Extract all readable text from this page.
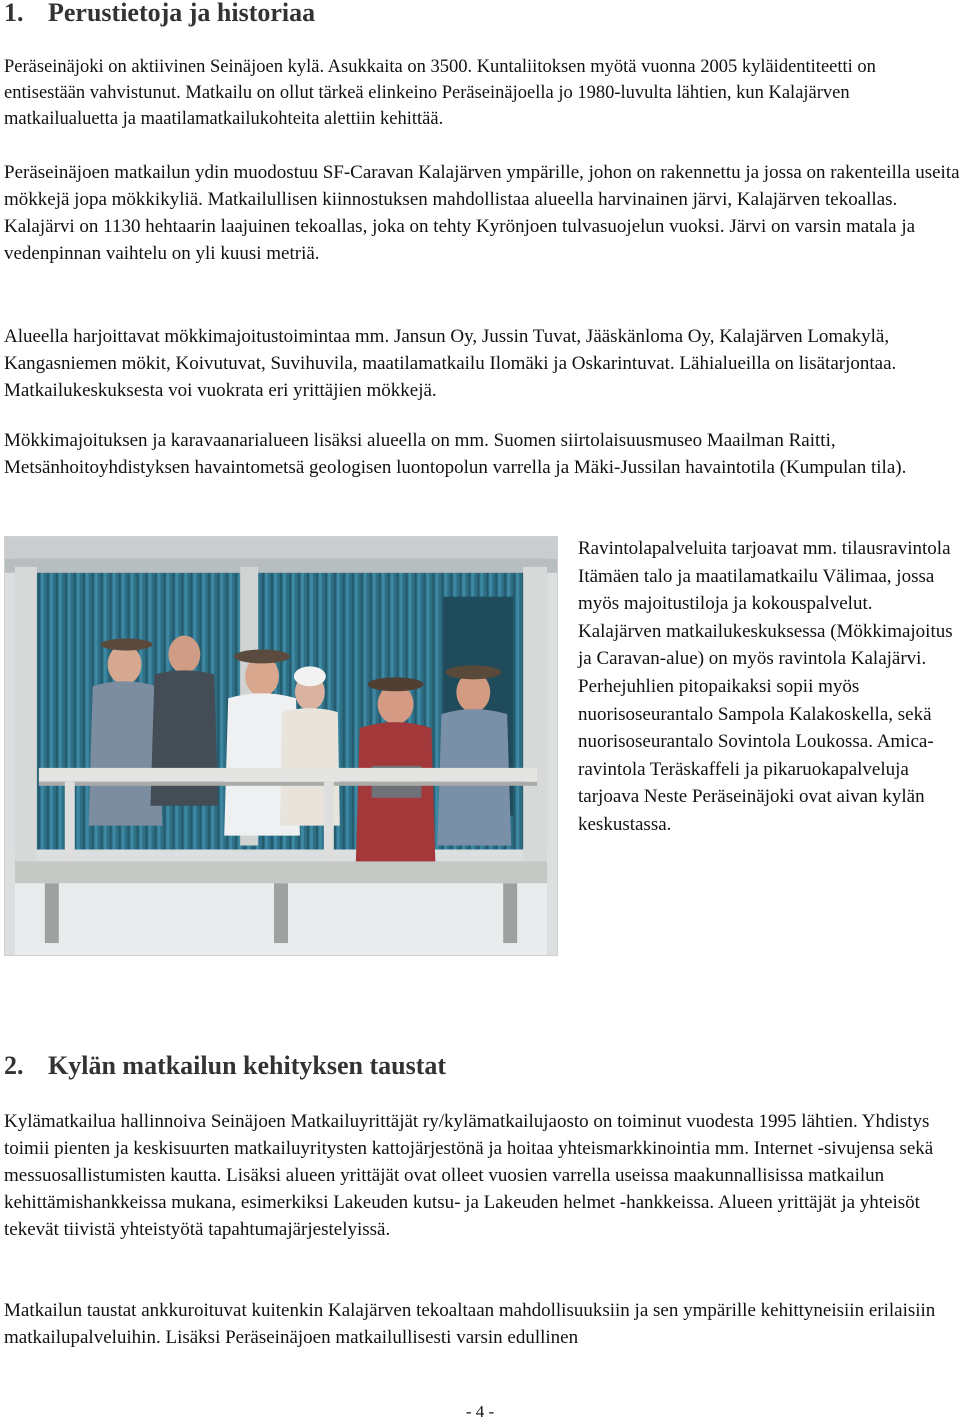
1. Perustietoja ja historiaa

Peräseinäjoki on aktiivinen Seinäjoen kylä. Asukkaita on 3500. Kuntaliitoksen myötä vuonna 2005 kyläidentiteetti on entisestään vahvistunut. Matkailu on ollut tärkeä elinkeino Peräseinäjoella jo 1980-luvulta lähtien, kun Kalajärven matkailualuetta ja maatilamatkailukohteita alettiin kehittää.

Peräseinäjoen matkailun ydin muodostuu SF-Caravan Kalajärven ympärille, johon on rakennettu ja jossa on rakenteilla useita mökkejä jopa mökkikyliä. Matkailullisen kiinnostuksen mahdollistaa alueella harvinainen järvi, Kalajärven tekoallas. Kalajärvi on 1130 hehtaarin laajuinen tekoallas, joka on tehty Kyrönjoen tulvasuojelun vuoksi. Järvi on varsin matala ja vedenpinnan vaihtelu on yli kuusi metriä.

Alueella harjoittavat mökkimajoitustoimintaa mm. Jansun Oy, Jussin Tuvat, Jääskänloma Oy, Kalajärven Lomakylä, Kangasniemen mökit, Koivutuvat, Suvihuvila, maatilamatkailu Ilomäki ja Oskarintuvat. Lähialueilla on lisätarjontaa. Matkailukeskuksesta voi vuokrata eri yrittäjien mökkejä.

Mökkimajoituksen ja karavaanarialueen lisäksi alueella on mm. Suomen siirtolaisuusmuseo Maailman Raitti, Metsänhoitoyhdistyksen havaintometsä geologisen luontopolun varrella ja Mäki-Jussilan havaintotila (Kumpulan tila).

Ravintolapalveluita tarjoavat mm. tilausravintola Itämäen talo ja maatilamatkailu Välimaa, jossa myös majoitustiloja ja kokouspalvelut. Kalajärven matkailukeskuksessa (Mökkimajoitus ja Caravan-alue) on myös ravintola Kalajärvi. Perhejuhlien pitopaikaksi sopii myös nuorisoseurantalo Sampola Kalakoskella, sekä nuorisoseurantalo Sovintola Loukossa. Amica-ravintola Teräskaffeli ja pikaruokapalveluja tarjoava Neste Peräseinäjoki ovat aivan kylän keskustassa.

2. Kylän matkailun kehityksen taustat

Kylämatkailua hallinnoiva Seinäjoen Matkailuyrittäjät ry/kylämatkailujaosto on toiminut vuodesta 1995 lähtien. Yhdistys toimii pienten ja keskisuurten matkailuyritysten kattojärjestönä ja hoitaa yhteismarkkinointia mm. Internet -sivujensa sekä messuosallistumisten kautta. Lisäksi alueen yrittäjät ovat olleet vuosien varrella useissa maakunnallisissa matkailun kehittämishankkeissa mukana, esimerkiksi Lakeuden kutsu- ja Lakeuden helmet -hankkeissa. Alueen yrittäjät ja yhteisöt tekevät tiivistä yhteistyötä tapahtumajärjestelyissä.

Matkailun taustat ankkuroituvat kuitenkin Kalajärven tekoaltaan mahdollisuuksiin ja sen ympärille kehittyneisiin erilaisiin matkailupalveluihin. Lisäksi Peräseinäjoen matkailullisesti varsin edullinen

- 4 -
